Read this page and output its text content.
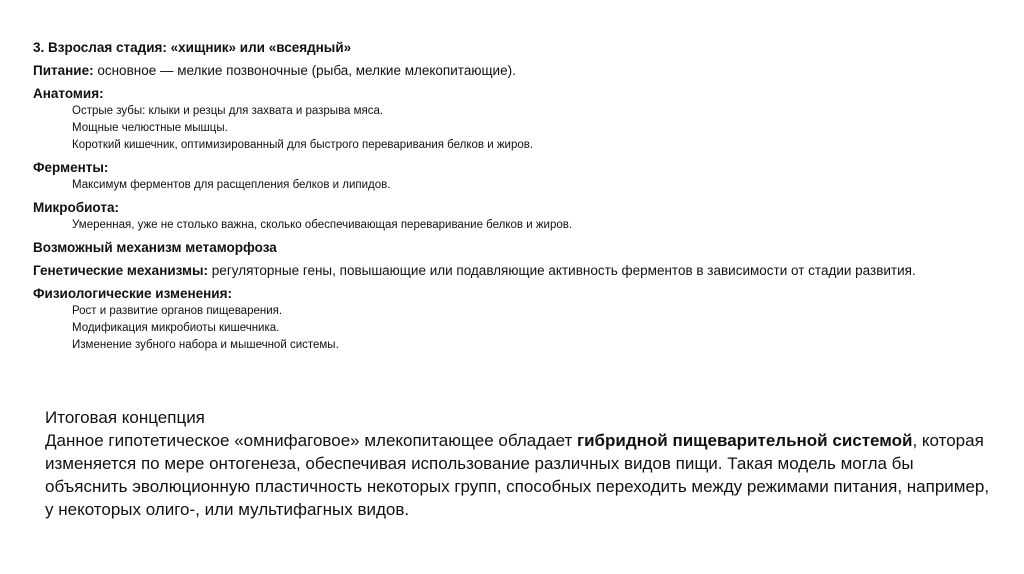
3. Взрослая стадия: «хищник» или «всеядный»

Питание: основное — мелкие позвоночные (рыба, мелкие млекопитающие).

Анатомия:

Острые зубы: клыки и резцы для захвата и разрыва мяса.

Мощные челюстные мышцы.

Короткий кишечник, оптимизированный для быстрого переваривания белков и жиров.

Ферменты:

Максимум ферментов для расщепления белков и липидов.

Микробиота:

Умеренная, уже не столько важна, сколько обеспечивающая переваривание белков и жиров.

Возможный механизм метаморфоза

Генетические механизмы: регуляторные гены, повышающие или подавляющие активность ферментов в зависимости от стадии развития.

Физиологические изменения:

Рост и развитие органов пищеварения.

Модификация микробиоты кишечника.

Изменение зубного набора и мышечной системы.

Итоговая концепция

Данное гипотетическое «омнифаговое» млекопитающее обладает гибридной пищеварительной системой, которая изменяется по мере онтогенеза, обеспечивая использование различных видов пищи. Такая модель могла бы объяснить эволюционную пластичность некоторых групп, способных переходить между режимами питания, например, у некоторых олиго-, или мультифагных видов.
